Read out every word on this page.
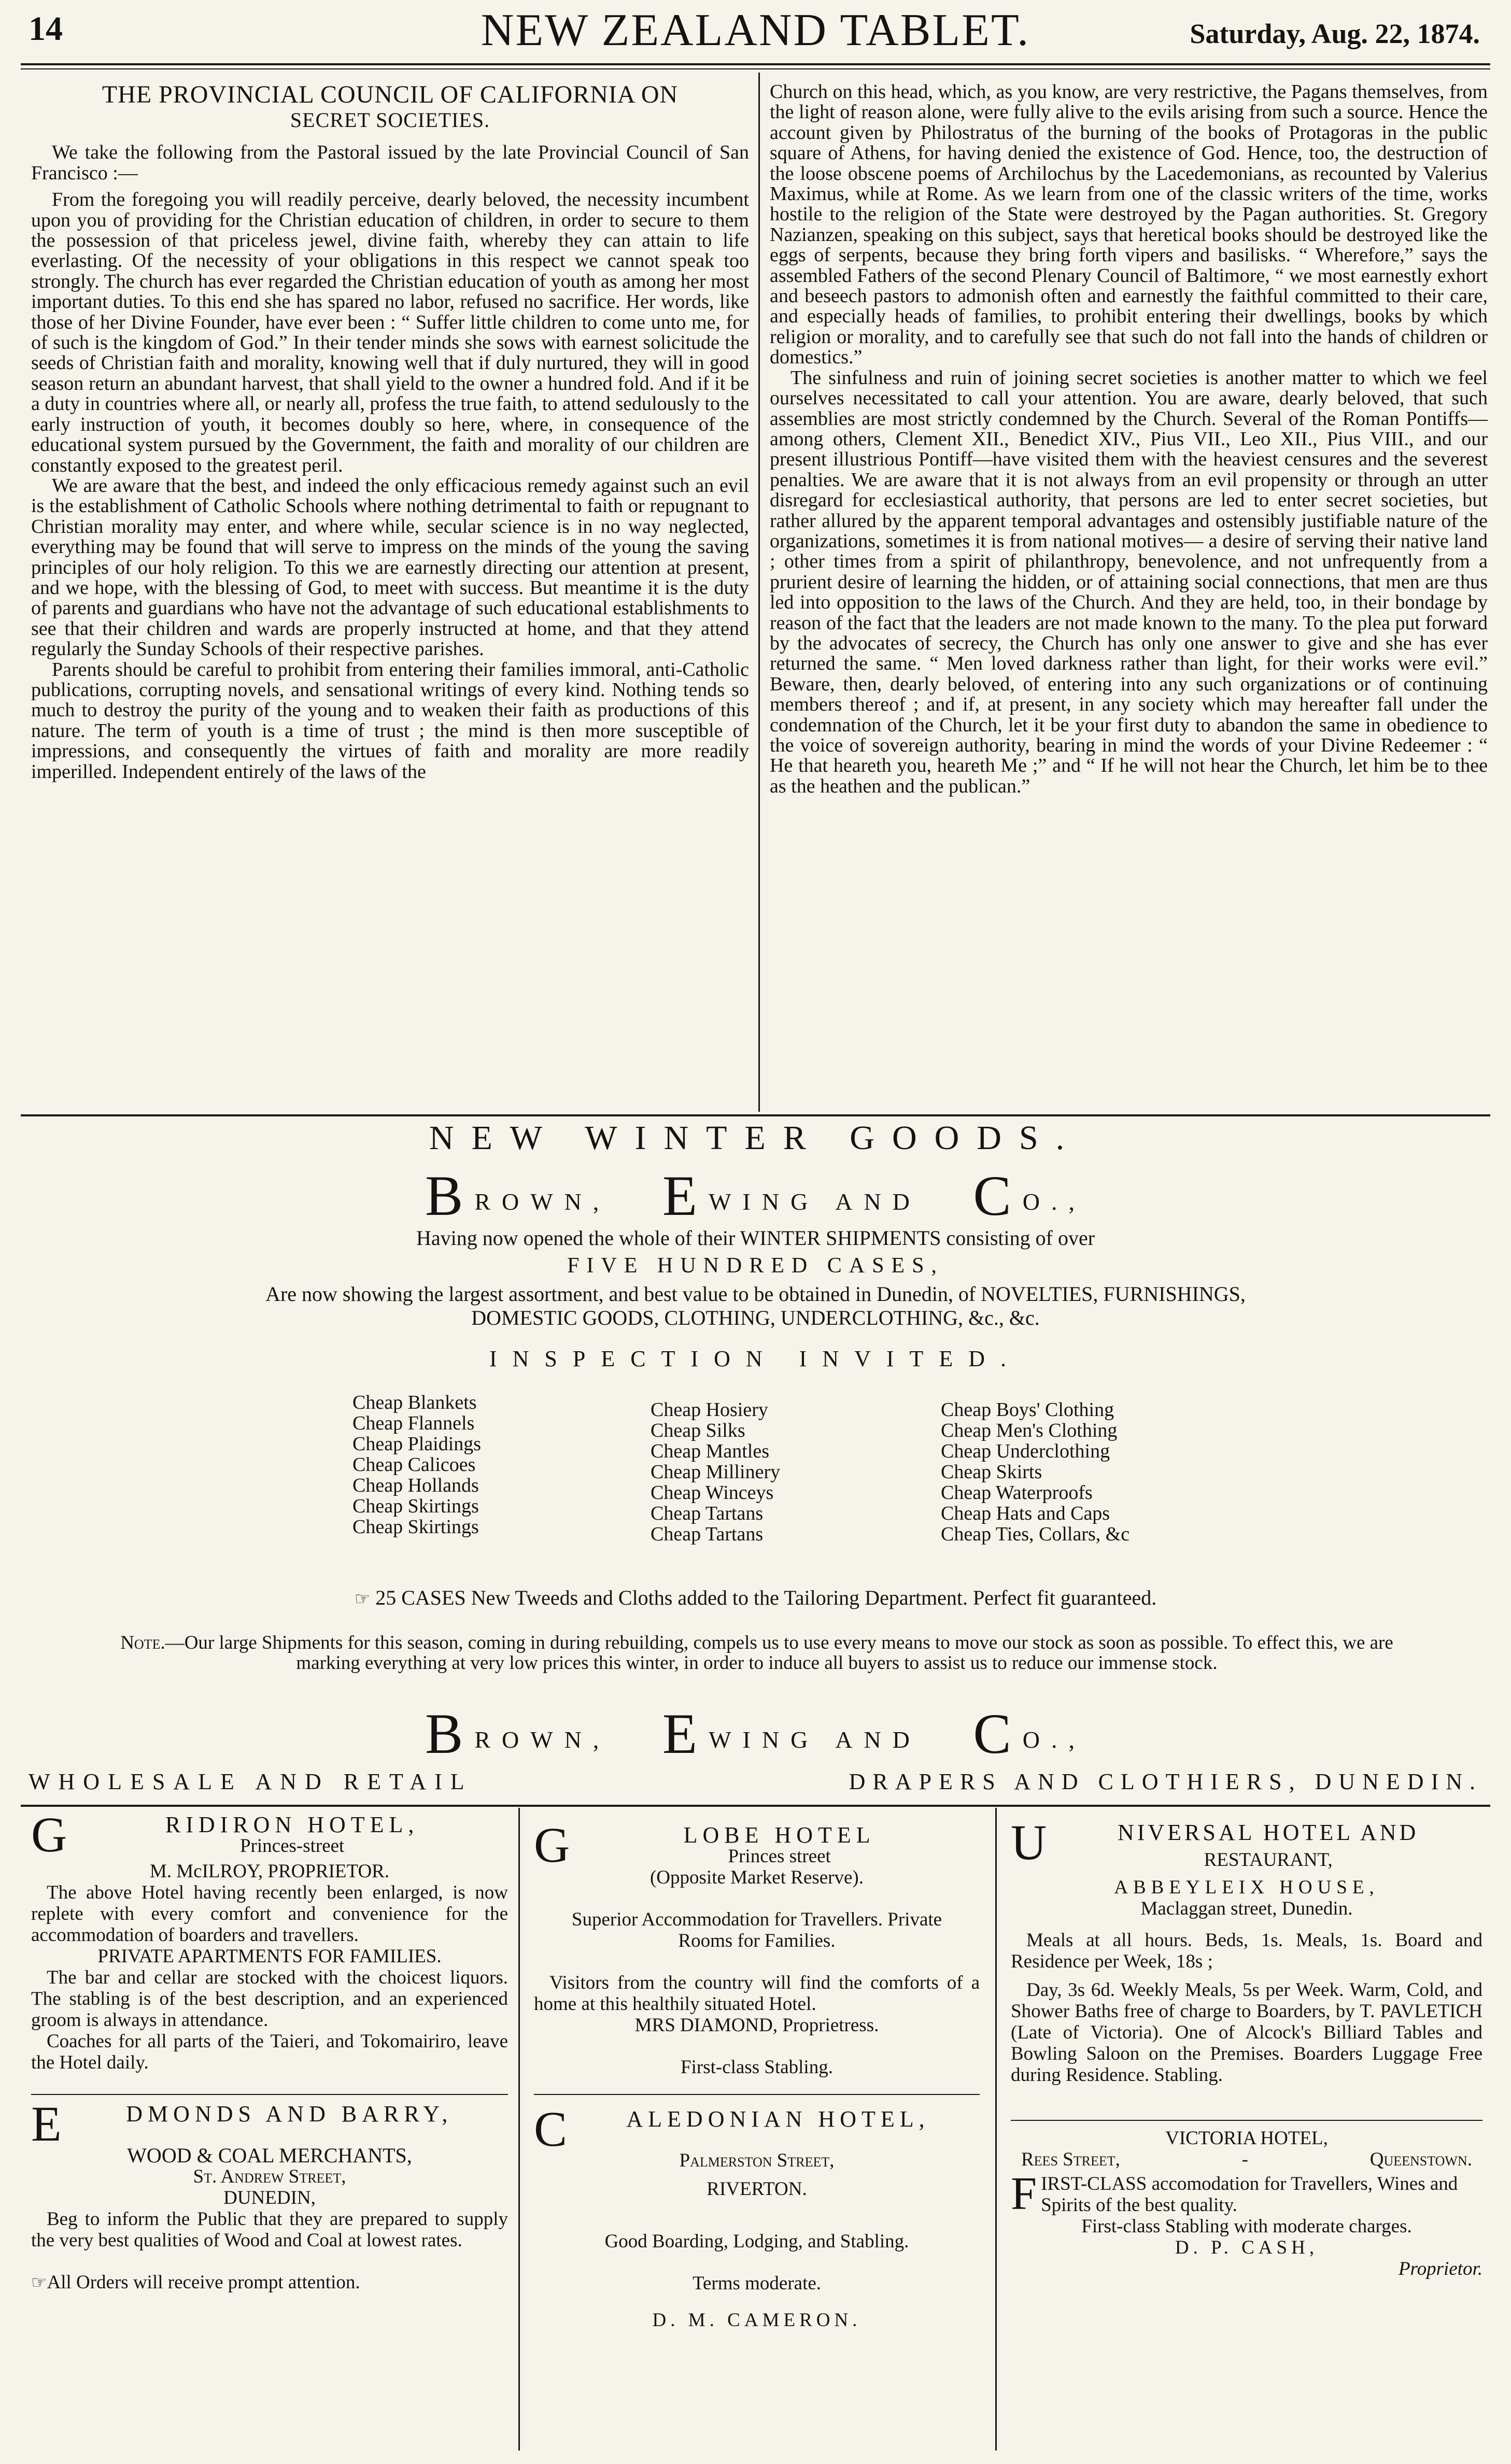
14	NEW ZEALAND TABLET.	Saturday, Aug. 22, 1874.
THE PROVINCIAL COUNCIL OF CALIFORNIA ON
SECRET SOCIETIES.

We take the following from the Pastoral issued by the late Provincial Council of San Francisco :—

From the foregoing you will readily perceive, dearly beloved, the necessity incumbent upon you of providing for the Christian education of children, in order to secure to them the possession of that priceless jewel, divine faith, whereby they can attain to life everlasting. Of the necessity of your obligations in this respect we cannot speak too strongly. The church has ever regarded the Christian education of youth as among her most important duties. To this end she has spared no labor, refused no sacrifice. Her words, like those of her Divine Founder, have ever been : “ Suffer little children to come unto me, for of such is the kingdom of God.” In their tender minds she sows with earnest solicitude the seeds of Christian faith and morality, knowing well that if duly nurtured, they will in good season return an abundant harvest, that shall yield to the owner a hundred fold. And if it be a duty in countries where all, or nearly all, profess the true faith, to attend sedulously to the early instruction of youth, it becomes doubly so here, where, in consequence of the educational system pursued by the Government, the faith and morality of our children are constantly exposed to the greatest peril.

We are aware that the best, and indeed the only efficacious remedy against such an evil is the establishment of Catholic Schools where nothing detrimental to faith or repugnant to Christian morality may enter, and where while, secular science is in no way neglected, everything may be found that will serve to impress on the minds of the young the saving principles of our holy religion. To this we are earnestly directing our attention at present, and we hope, with the blessing of God, to meet with success. But meantime it is the duty of parents and guardians who have not the advantage of such educational establishments to see that their children and wards are properly instructed at home, and that they attend regularly the Sunday Schools of their respective parishes.

Parents should be careful to prohibit from entering their families immoral, anti-Catholic publications, corrupting novels, and sensational writings of every kind. Nothing tends so much to destroy the purity of the young and to weaken their faith as productions of this nature. The term of youth is a time of trust ; the mind is then more susceptible of impressions, and consequently the virtues of faith and morality are more readily imperilled. Independent entirely of the laws of the

Church on this head, which, as you know, are very restrictive, the Pagans themselves, from the light of reason alone, were fully alive to the evils arising from such a source. Hence the account given by Philostratus of the burning of the books of Protagoras in the public square of Athens, for having denied the existence of God. Hence, too, the destruction of the loose obscene poems of Archilochus by the Lacedemonians, as recounted by Valerius Maximus, while at Rome. As we learn from one of the classic writers of the time, works hostile to the religion of the State were destroyed by the Pagan authorities. St. Gregory Nazianzen, speaking on this subject, says that heretical books should be destroyed like the eggs of serpents, because they bring forth vipers and basilisks. “ Wherefore,” says the assembled Fathers of the second Plenary Council of Baltimore, “ we most earnestly exhort and beseech pastors to admonish often and earnestly the faithful committed to their care, and especially heads of families, to prohibit entering their dwellings, books by which religion or morality, and to carefully see that such do not fall into the hands of children or domestics.”

The sinfulness and ruin of joining secret societies is another matter to which we feel ourselves necessitated to call your attention. You are aware, dearly beloved, that such assemblies are most strictly condemned by the Church. Several of the Roman Pontiffs—among others, Clement XII., Benedict XIV., Pius VII., Leo XII., Pius VIII., and our present illustrious Pontiff—have visited them with the heaviest censures and the severest penalties. We are aware that it is not always from an evil propensity or through an utter disregard for ecclesiastical authority, that persons are led to enter secret societies, but rather allured by the apparent temporal advantages and ostensibly justifiable nature of the organizations, sometimes it is from national motives— a desire of serving their native land ; other times from a spirit of philanthropy, benevolence, and not unfrequently from a prurient desire of learning the hidden, or of attaining social connections, that men are thus led into opposition to the laws of the Church. And they are held, too, in their bondage by reason of the fact that the leaders are not made known to the many. To the plea put forward by the advocates of secrecy, the Church has only one answer to give and she has ever returned the same. “ Men loved darkness rather than light, for their works were evil.” Beware, then, dearly beloved, of entering into any such organizations or of continuing members thereof ; and if, at present, in any society which may hereafter fall under the condemnation of the Church, let it be your first duty to abandon the same in obedience to the voice of sovereign authority, bearing in mind the words of your Divine Redeemer : “ He that heareth you, heareth Me ;” and “ If he will not hear the Church, let him be to thee as the heathen and the publican.”

NEW WINTER GOODS.
BROWN, EWING AND CO.,
Having now opened the whole of their WINTER SHIPMENTS consisting of over
FIVE HUNDRED CASES,
Are now showing the largest assortment, and best value to be obtained in Dunedin, of NOVELTIES, FURNISHINGS,
DOMESTIC GOODS, CLOTHING, UNDERCLOTHING, &c., &c.
INSPECTION INVITED.
Cheap Blankets
Cheap Flannels
Cheap Plaidings
Cheap Calicoes
Cheap Hollands
Cheap Skirtings
Cheap Skirtings
Cheap Hosiery
Cheap Silks
Cheap Mantles
Cheap Millinery
Cheap Winceys
Cheap Tartans
Cheap Tartans
Cheap Boys' Clothing
Cheap Men's Clothing
Cheap Underclothing
Cheap Skirts
Cheap Waterproofs
Cheap Hats and Caps
Cheap Ties, Collars, &c
☞ 25 CASES New Tweeds and Cloths added to the Tailoring Department. Perfect fit guaranteed.
Note.—Our large Shipments for this season, coming in during rebuilding, compels us to use every means to move our stock as soon as possible. To effect this, we are marking everything at very low prices this winter, in order to induce all buyers to assist us to reduce our immense stock.
BROWN, EWING AND CO.,
WHOLESALE AND RETAIL	DRAPERS AND CLOTHIERS, DUNEDIN.
G	RIDIRON HOTEL,

Princes-street

M. McILROY, PROPRIETOR.

The above Hotel having recently been enlarged, is now replete with every comfort and convenience for the accommodation of boarders and travellers.

PRIVATE APARTMENTS FOR FAMILIES.

The bar and cellar are stocked with the choicest liquors. The stabling is of the best description, and an experienced groom is always in attendance.

Coaches for all parts of the Taieri, and Tokomairiro, leave the Hotel daily.

E	DMONDS AND BARRY,

WOOD & COAL MERCHANTS,

St. Andrew Street,

DUNEDIN,

Beg to inform the Public that they are prepared to supply the very best qualities of Wood and Coal at lowest rates.

☞All Orders will receive prompt attention.

G	LOBE HOTEL

Princes street

(Opposite Market Reserve).

Superior Accommodation for Travellers. Private Rooms for Families.

Visitors from the country will find the comforts of a home at this healthily situated Hotel.

MRS DIAMOND, Proprietress.

First-class Stabling.

C ALEDONIAN HOTEL,

Palmerston Street,

RIVERTON.

Good Boarding, Lodging, and Stabling.

Terms moderate.

D. M. CAMERON.

U	NIVERSAL HOTEL AND

RESTAURANT,

ABBEYLEIX HOUSE,

Maclaggan street, Dunedin.

Meals at all hours. Beds, 1s. Meals, 1s. Board and Residence per Week, 18s ;

Day, 3s 6d. Weekly Meals, 5s per Week. Warm, Cold, and Shower Baths free of charge to Boarders, by T. PAVLETICH (Late of Victoria). One of Alcock's Billiard Tables and Bowling Saloon on the Premises. Boarders Luggage Free during Residence. Stabling.

VICTORIA HOTEL,

Rees Street,	-	Queenstown.

FIRST-CLASS accomodation for Travellers, Wines and Spirits of the best quality.

First-class Stabling with moderate charges.

D. P. CASH,

Proprietor.
